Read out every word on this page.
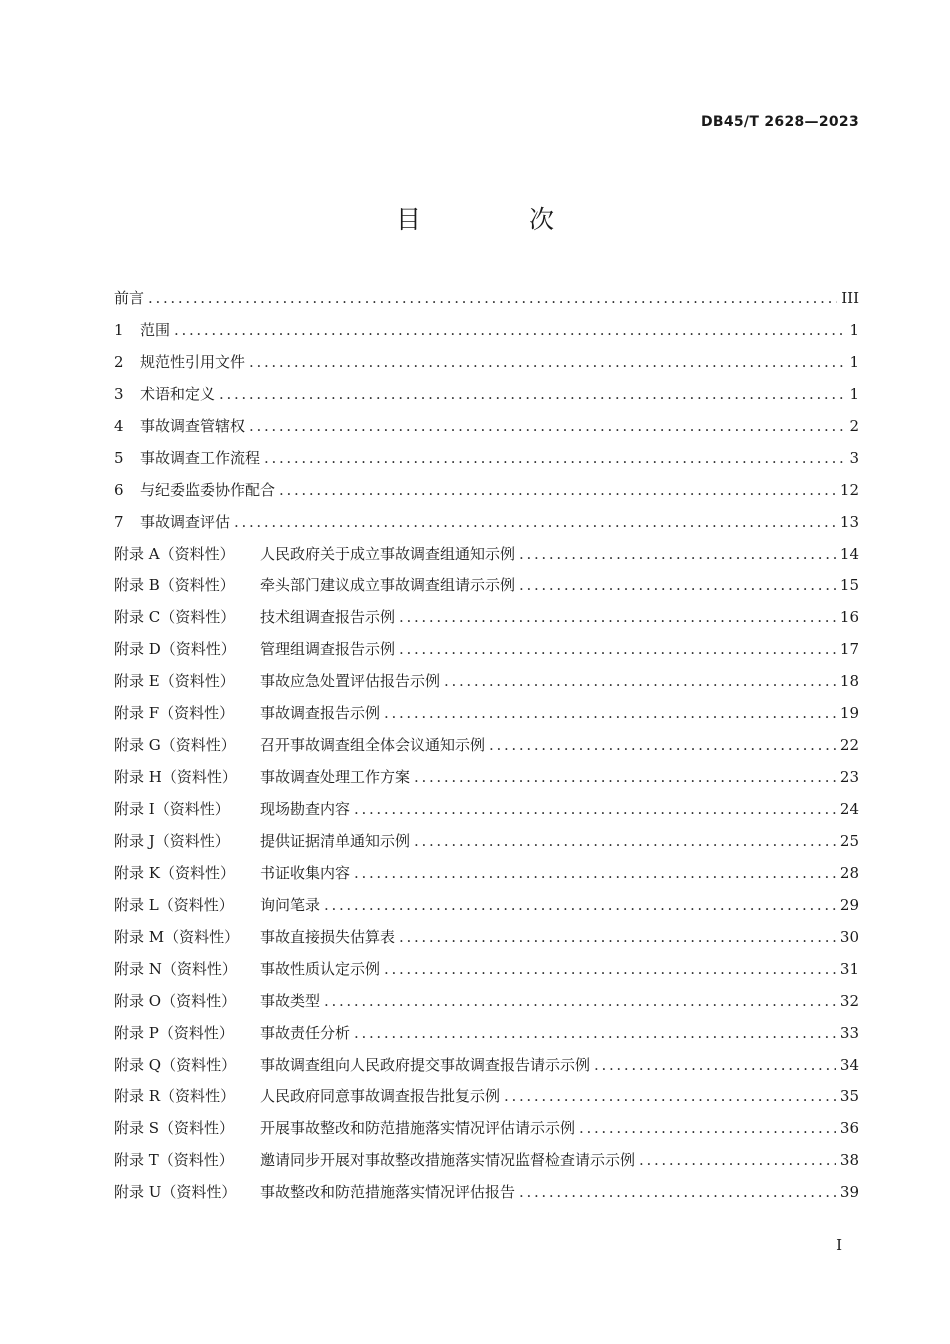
DB45/T 2628—2023
目 次
前言 .....	III
1	范围 .....	1
2	规范性引用文件 .....	1
3	术语和定义 .....	1
4	事故调查管辖权 .....	2
5	事故调查工作流程 .....	3
6	与纪委监委协作配合 .....	12
7	事故调查评估 .....	13
附录 A（资料性）	人民政府关于成立事故调查组通知示例 .....	14
附录 B（资料性）	牵头部门建议成立事故调查组请示示例 .....	15
附录 C（资料性）	技术组调查报告示例 .....	16
附录 D（资料性）	管理组调查报告示例 .....	17
附录 E（资料性）	事故应急处置评估报告示例 .....	18
附录 F（资料性）	事故调查报告示例 .....	19
附录 G（资料性）	召开事故调查组全体会议通知示例 .....	22
附录 H（资料性）	事故调查处理工作方案 .....	23
附录 I（资料性）	现场勘查内容 .....	24
附录 J（资料性）	提供证据清单通知示例 .....	25
附录 K（资料性）	书证收集内容 .....	28
附录 L（资料性）	询问笔录 .....	29
附录 M（资料性）	事故直接损失估算表 .....	30
附录 N（资料性）	事故性质认定示例 .....	31
附录 O（资料性）	事故类型 .....	32
附录 P（资料性）	事故责任分析 .....	33
附录 Q（资料性）	事故调查组向人民政府提交事故调查报告请示示例 .....	34
附录 R（资料性）	人民政府同意事故调查报告批复示例 .....	35
附录 S（资料性）	开展事故整改和防范措施落实情况评估请示示例 .....	36
附录 T（资料性）	邀请同步开展对事故整改措施落实情况监督检查请示示例 .....	38
附录 U（资料性）	事故整改和防范措施落实情况评估报告 .....	39
I
